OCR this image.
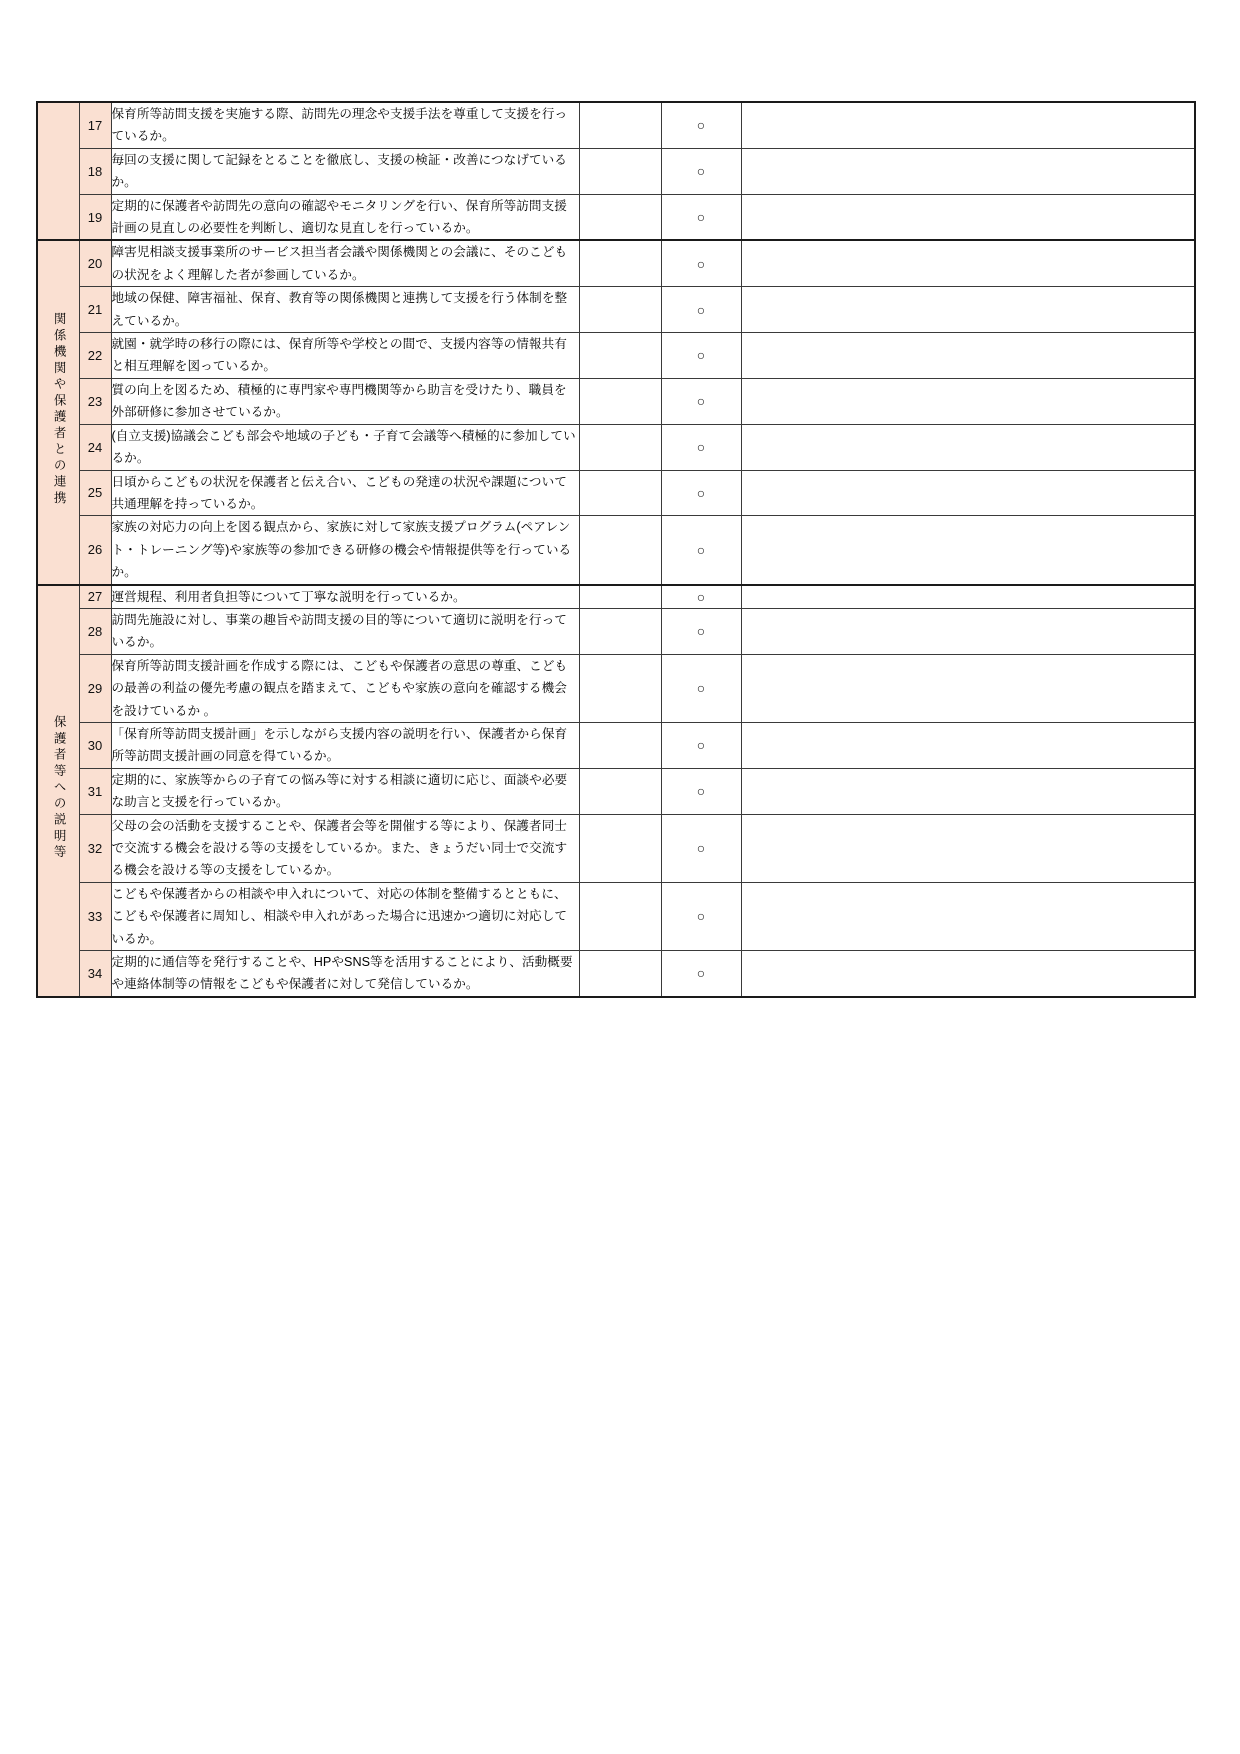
	17	保育所等訪問支援を実施する際、訪問先の理念や支援手法を尊重して支援を行っているか。		○	
	18	毎回の支援に関して記録をとることを徹底し、支援の検証・改善につなげているか。		○	
	19	定期的に保護者や訪問先の意向の確認やモニタリングを行い、保育所等訪問支援計画の見直しの必要性を判断し、適切な見直しを行っているか。		○	
関係機関や保護者との連携	20	障害児相談支援事業所のサービス担当者会議や関係機関との会議に、そのこどもの状況をよく理解した者が参画しているか。		○	
	21	地域の保健、障害福祉、保育、教育等の関係機関と連携して支援を行う体制を整えているか。		○	
	22	就園・就学時の移行の際には、保育所等や学校との間で、支援内容等の情報共有と相互理解を図っているか。		○	
	23	質の向上を図るため、積極的に専門家や専門機関等から助言を受けたり、職員を外部研修に参加させているか。		○	
	24	(自立支援)協議会こども部会や地域の子ども・子育て会議等へ積極的に参加しているか。		○	
	25	日頃からこどもの状況を保護者と伝え合い、こどもの発達の状況や課題について共通理解を持っているか。		○	
	26	家族の対応力の向上を図る観点から、家族に対して家族支援プログラム(ペアレント・トレーニング等)や家族等の参加できる研修の機会や情報提供等を行っているか。		○	
保護者等への説明等	27	運営規程、利用者負担等について丁寧な説明を行っているか。		○	
	28	訪問先施設に対し、事業の趣旨や訪問支援の目的等について適切に説明を行っているか。		○	
	29	保育所等訪問支援計画を作成する際には、こどもや保護者の意思の尊重、こどもの最善の利益の優先考慮の観点を踏まえて、こどもや家族の意向を確認する機会を設けているか 。		○	
	30	「保育所等訪問支援計画」を示しながら支援内容の説明を行い、保護者から保育所等訪問支援計画の同意を得ているか。		○	
	31	定期的に、家族等からの子育ての悩み等に対する相談に適切に応じ、面談や必要な助言と支援を行っているか。		○	
	32	父母の会の活動を支援することや、保護者会等を開催する等により、保護者同士で交流する機会を設ける等の支援をしているか。また、きょうだい同士で交流する機会を設ける等の支援をしているか。		○	
	33	こどもや保護者からの相談や申入れについて、対応の体制を整備するとともに、こどもや保護者に周知し、相談や申入れがあった場合に迅速かつ適切に対応しているか。		○	
	34	定期的に通信等を発行することや、HPやSNS等を活用することにより、活動概要や連絡体制等の情報をこどもや保護者に対して発信しているか。		○	
